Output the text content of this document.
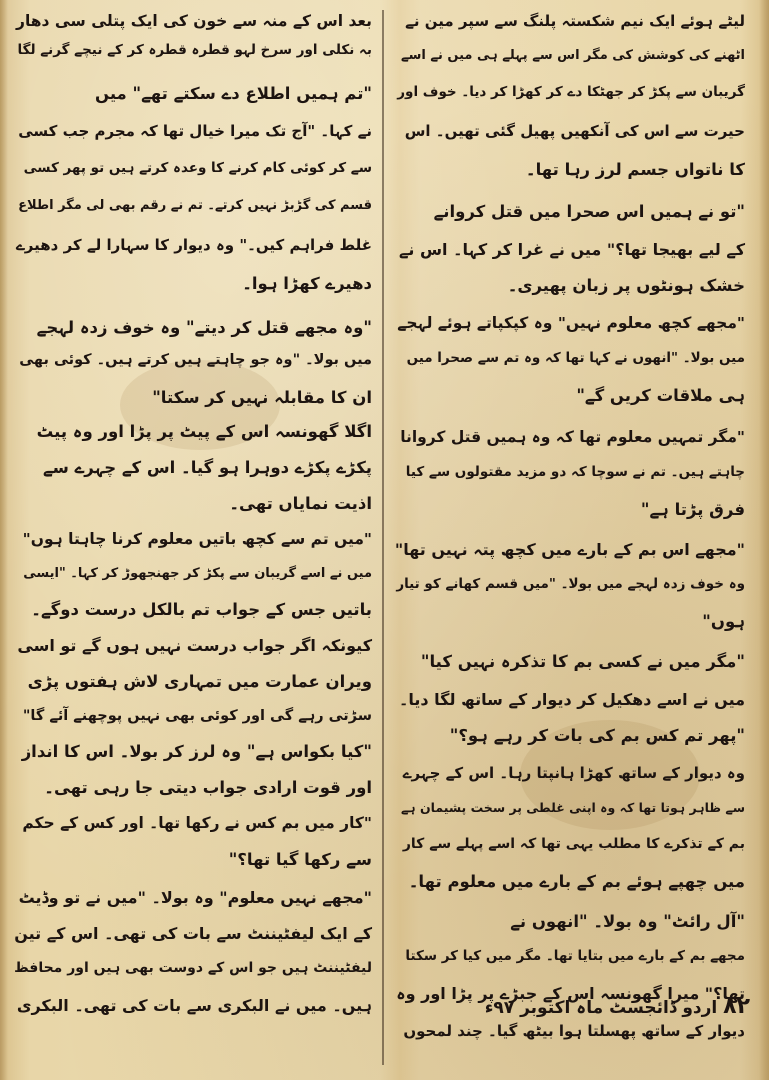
لیٹے ہوئے ایک نیم شکستہ پلنگ سے سپر مین نے
اٹھنے کی کوشش کی مگر اس سے پہلے ہی میں نے اسے
گریبان سے پکڑ کر جھٹکا دے کر کھڑا کر دیا۔ خوف اور
حیرت سے اس کی آنکھیں پھیل گئی تھیں۔ اس
کا ناتواں جسم لرز رہا تھا۔
"تو نے ہمیں اس صحرا میں قتل کروانے
کے لیے بھیجا تھا؟" میں نے غرا کر کہا۔ اس نے
خشک ہونٹوں پر زبان پھیری۔
"مجھے کچھ معلوم نہیں" وہ کپکپاتے ہوئے لہجے
میں بولا۔ "انھوں نے کہا تھا کہ وہ تم سے صحرا میں
ہی ملاقات کریں گے"
"مگر تمہیں معلوم تھا کہ وہ ہمیں قتل کروانا
چاہتے ہیں۔ تم نے سوچا کہ دو مزید مقتولوں سے کیا
فرق پڑتا ہے"
"مجھے اس بم کے بارے میں کچھ پتہ نہیں تھا"
وہ خوف زدہ لہجے میں بولا۔ "میں قسم کھانے کو تیار
ہوں"
"مگر میں نے کسی بم کا تذکرہ نہیں کیا"
میں نے اسے دھکیل کر دیوار کے ساتھ لگا دیا۔
"پھر تم کس بم کی بات کر رہے ہو؟"
وہ دیوار کے ساتھ کھڑا ہانپتا رہا۔ اس کے چہرے
سے ظاہر ہوتا تھا کہ وہ اپنی غلطی پر سخت پشیمان ہے
بم کے تذکرے کا مطلب یہی تھا کہ اسے پہلے سے کار
میں چھپے ہوئے بم کے بارے میں معلوم تھا۔
"آل رائٹ" وہ بولا۔ "انھوں نے
مجھے بم کے بارے میں بتایا تھا۔ مگر میں کیا کر سکتا
تھا؟" میرا گھونسہ اس کے جبڑے پر پڑا اور وہ
دیوار کے ساتھ پھسلتا ہوا بیٹھ گیا۔ چند لمحوں
بعد اس کے منہ سے خون کی ایک پتلی سی دھار
بہ نکلی اور سرخ لہو قطرہ قطرہ کر کے نیچے گرنے لگا
"تم ہمیں اطلاع دے سکتے تھے" میں
نے کہا۔ "آج تک میرا خیال تھا کہ مجرم جب کسی
سے کر کوئی کام کرنے کا وعدہ کرتے ہیں تو پھر کسی
قسم کی گڑبڑ نہیں کرتے۔ تم نے رقم بھی لی مگر اطلاع
غلط فراہم کیں۔" وہ دیوار کا سہارا لے کر دھیرے
دھیرے کھڑا ہوا۔
"وہ مجھے قتل کر دیتے" وہ خوف زدہ لہجے
میں بولا۔ "وہ جو چاہتے ہیں کرتے ہیں۔ کوئی بھی
ان کا مقابلہ نہیں کر سکتا"
اگلا گھونسہ اس کے پیٹ پر پڑا اور وہ پیٹ
پکڑے پکڑے دوہرا ہو گیا۔ اس کے چہرے سے
اذیت نمایاں تھی۔
"میں تم سے کچھ باتیں معلوم کرنا چاہتا ہوں"
میں نے اسے گریبان سے پکڑ کر جھنجھوڑ کر کہا۔ "ایسی
باتیں جس کے جواب تم بالکل درست دوگے۔
کیونکہ اگر جواب درست نہیں ہوں گے تو اسی
ویران عمارت میں تمہاری لاش ہفتوں پڑی
سڑتی رہے گی اور کوئی بھی نہیں پوچھنے آئے گا"
"کیا بکواس ہے" وہ لرز کر بولا۔ اس کا انداز
اور قوت ارادی جواب دیتی جا رہی تھی۔
"کار میں بم کس نے رکھا تھا۔ اور کس کے حکم
سے رکھا گیا تھا؟"
"مجھے نہیں معلوم" وہ بولا۔ "میں نے تو وڈیٹ
کے ایک لیفٹیننٹ سے بات کی تھی۔ اس کے تین
لیفٹیننٹ ہیں جو اس کے دوست بھی ہیں اور محافظ
ہیں۔ میں نے البکری سے بات کی تھی۔ البکری	۸۲ اردو ڈائجسٹ ماہ اکتوبر ۹۷ء
